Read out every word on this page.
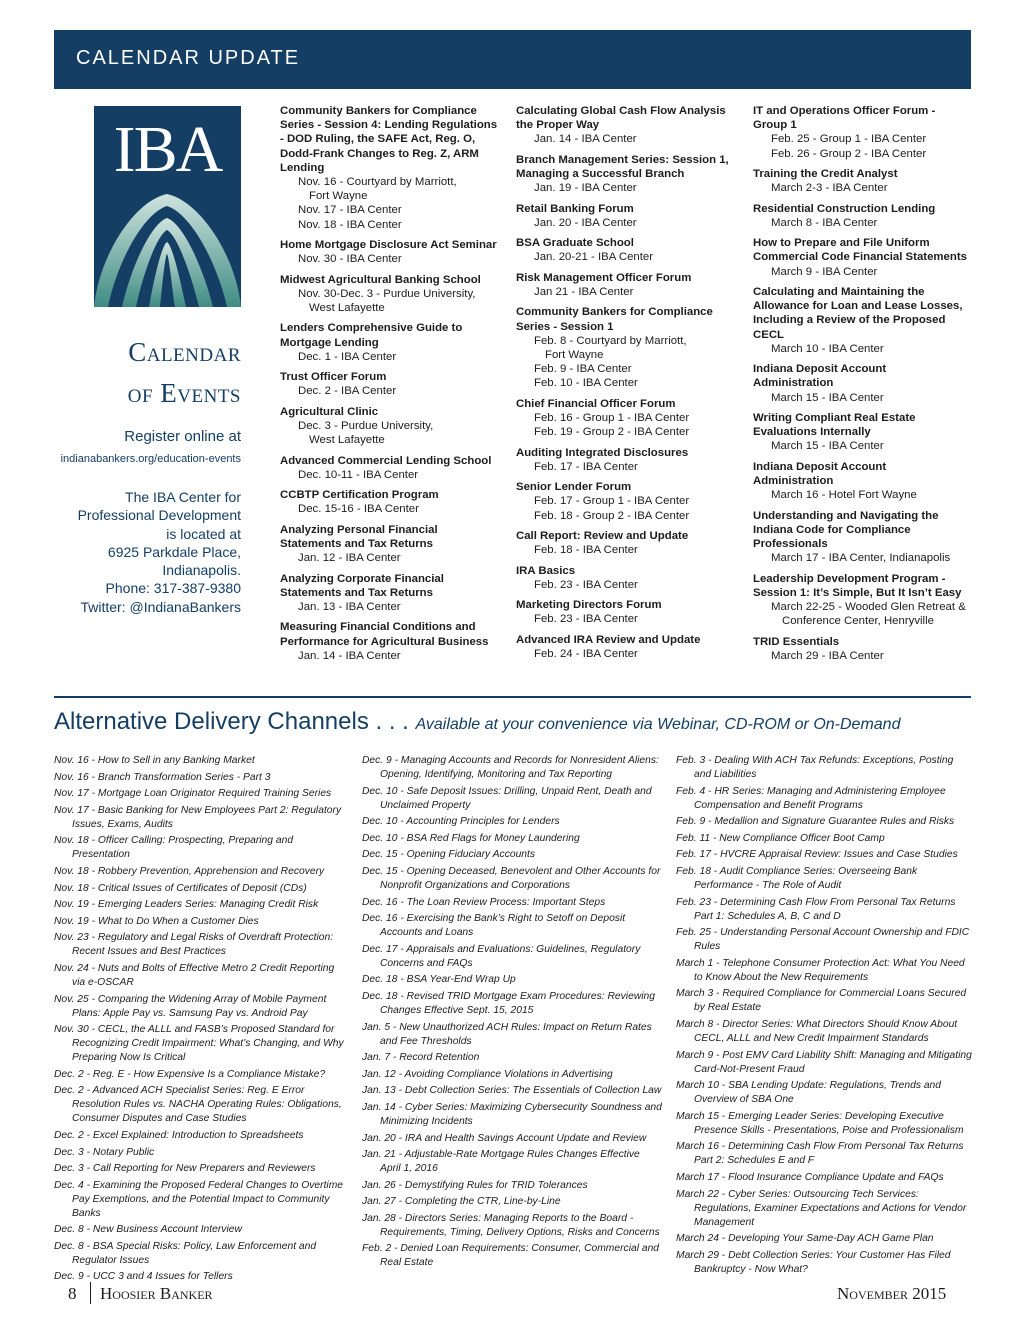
CALENDAR UPDATE
IBA
Calendar
of Events
Register online at
indianabankers.org/education-events
The IBA Center for
Professional Development
is located at
6925 Parkdale Place,
Indianapolis.
Phone: 317-387-9380
Twitter: @IndianaBankers
Community Bankers for Compliance Series - Session 4: Lending Regulations - DOD Ruling, the SAFE Act, Reg. O, Dodd-Frank Changes to Reg. Z, ARM Lending
Nov. 16 - Courtyard by Marriott,
Fort Wayne
Nov. 17 - IBA Center
Nov. 18 - IBA Center
Home Mortgage Disclosure Act Seminar
Nov. 30 - IBA Center
Midwest Agricultural Banking School
Nov. 30-Dec. 3 - Purdue University,
West Lafayette
Lenders Comprehensive Guide to Mortgage Lending
Dec. 1 - IBA Center
Trust Officer Forum
Dec. 2 - IBA Center
Agricultural Clinic
Dec. 3 - Purdue University,
West Lafayette
Advanced Commercial Lending School
Dec. 10-11 - IBA Center
CCBTP Certification Program
Dec. 15-16 - IBA Center
Analyzing Personal Financial Statements and Tax Returns
Jan. 12 - IBA Center
Analyzing Corporate Financial Statements and Tax Returns
Jan. 13 - IBA Center
Measuring Financial Conditions and Performance for Agricultural Business
Jan. 14 - IBA Center
Calculating Global Cash Flow Analysis the Proper Way
Jan. 14 - IBA Center
Branch Management Series: Session 1, Managing a Successful Branch
Jan. 19 - IBA Center
Retail Banking Forum
Jan. 20 - IBA Center
BSA Graduate School
Jan. 20-21 - IBA Center
Risk Management Officer Forum
Jan 21 - IBA Center
Community Bankers for Compliance Series - Session 1
Feb. 8 - Courtyard by Marriott,
Fort Wayne
Feb. 9 - IBA Center
Feb. 10 - IBA Center
Chief Financial Officer Forum
Feb. 16 - Group 1 - IBA Center
Feb. 19 - Group 2 - IBA Center
Auditing Integrated Disclosures
Feb. 17 - IBA Center
Senior Lender Forum
Feb. 17 - Group 1 - IBA Center
Feb. 18 - Group 2 - IBA Center
Call Report: Review and Update
Feb. 18 - IBA Center
IRA Basics
Feb. 23 - IBA Center
Marketing Directors Forum
Feb. 23 - IBA Center
Advanced IRA Review and Update
Feb. 24 - IBA Center
IT and Operations Officer Forum - Group 1
Feb. 25 - Group 1 - IBA Center
Feb. 26 - Group 2 - IBA Center
Training the Credit Analyst
March 2-3 - IBA Center
Residential Construction Lending
March 8 - IBA Center
How to Prepare and File Uniform Commercial Code Financial Statements
March 9 - IBA Center
Calculating and Maintaining the Allowance for Loan and Lease Losses, Including a Review of the Proposed CECL
March 10 - IBA Center
Indiana Deposit Account Administration
March 15 - IBA Center
Writing Compliant Real Estate Evaluations Internally
March 15 - IBA Center
Indiana Deposit Account Administration
March 16 - Hotel Fort Wayne
Understanding and Navigating the Indiana Code for Compliance Professionals
March 17 - IBA Center, Indianapolis
Leadership Development Program - Session 1: It’s Simple, But It Isn’t Easy
March 22-25 - Wooded Glen Retreat &
Conference Center, Henryville
TRID Essentials
March 29 - IBA Center
Alternative Delivery Channels . . . Available at your convenience via Webinar, CD-ROM or On-Demand
Nov. 16 - How to Sell in any Banking Market
Nov. 16 - Branch Transformation Series - Part 3
Nov. 17 - Mortgage Loan Originator Required Training Series
Nov. 17 - Basic Banking for New Employees Part 2: Regulatory Issues, Exams, Audits
Nov. 18 - Officer Calling: Prospecting, Preparing and Presentation
Nov. 18 - Robbery Prevention, Apprehension and Recovery
Nov. 18 - Critical Issues of Certificates of Deposit (CDs)
Nov. 19 - Emerging Leaders Series: Managing Credit Risk
Nov. 19 - What to Do When a Customer Dies
Nov. 23 - Regulatory and Legal Risks of Overdraft Protection: Recent Issues and Best Practices
Nov. 24 - Nuts and Bolts of Effective Metro 2 Credit Reporting via e-OSCAR
Nov. 25 - Comparing the Widening Array of Mobile Payment Plans: Apple Pay vs. Samsung Pay vs. Android Pay
Nov. 30 - CECL, the ALLL and FASB’s Proposed Standard for Recognizing Credit Impairment: What’s Changing, and Why Preparing Now Is Critical
Dec. 2 - Reg. E - How Expensive Is a Compliance Mistake?
Dec. 2 - Advanced ACH Specialist Series: Reg. E Error Resolution Rules vs. NACHA Operating Rules: Obligations, Consumer Disputes and Case Studies
Dec. 2 - Excel Explained: Introduction to Spreadsheets
Dec. 3 - Notary Public
Dec. 3 - Call Reporting for New Preparers and Reviewers
Dec. 4 - Examining the Proposed Federal Changes to Overtime Pay Exemptions, and the Potential Impact to Community Banks
Dec. 8 - New Business Account Interview
Dec. 8 - BSA Special Risks: Policy, Law Enforcement and Regulator Issues
Dec. 9 - UCC 3 and 4 Issues for Tellers
Dec. 9 - Managing Accounts and Records for Nonresident Aliens: Opening, Identifying, Monitoring and Tax Reporting
Dec. 10 - Safe Deposit Issues: Drilling, Unpaid Rent, Death and Unclaimed Property
Dec. 10 - Accounting Principles for Lenders
Dec. 10 - BSA Red Flags for Money Laundering
Dec. 15 - Opening Fiduciary Accounts
Dec. 15 - Opening Deceased, Benevolent and Other Accounts for Nonprofit Organizations and Corporations
Dec. 16 - The Loan Review Process: Important Steps
Dec. 16 - Exercising the Bank’s Right to Setoff on Deposit Accounts and Loans
Dec. 17 - Appraisals and Evaluations: Guidelines, Regulatory Concerns and FAQs
Dec. 18 - BSA Year-End Wrap Up
Dec. 18 - Revised TRID Mortgage Exam Procedures: Reviewing Changes Effective Sept. 15, 2015
Jan. 5 - New Unauthorized ACH Rules: Impact on Return Rates and Fee Thresholds
Jan. 7 - Record Retention
Jan. 12 - Avoiding Compliance Violations in Advertising
Jan. 13 - Debt Collection Series: The Essentials of Collection Law
Jan. 14 - Cyber Series: Maximizing Cybersecurity Soundness and Minimizing Incidents
Jan. 20 - IRA and Health Savings Account Update and Review
Jan. 21 - Adjustable-Rate Mortgage Rules Changes Effective April 1, 2016
Jan. 26 - Demystifying Rules for TRID Tolerances
Jan. 27 - Completing the CTR, Line-by-Line
Jan. 28 - Directors Series: Managing Reports to the Board - Requirements, Timing, Delivery Options, Risks and Concerns
Feb. 2 - Denied Loan Requirements: Consumer, Commercial and Real Estate
Feb. 3 - Dealing With ACH Tax Refunds: Exceptions, Posting and Liabilities
Feb. 4 - HR Series: Managing and Administering Employee Compensation and Benefit Programs
Feb. 9 - Medallion and Signature Guarantee Rules and Risks
Feb. 11 - New Compliance Officer Boot Camp
Feb. 17 - HVCRE Appraisal Review: Issues and Case Studies
Feb. 18 - Audit Compliance Series: Overseeing Bank Performance - The Role of Audit
Feb. 23 - Determining Cash Flow From Personal Tax Returns Part 1: Schedules A, B, C and D
Feb. 25 - Understanding Personal Account Ownership and FDIC Rules
March 1 - Telephone Consumer Protection Act: What You Need to Know About the New Requirements
March 3 - Required Compliance for Commercial Loans Secured by Real Estate
March 8 - Director Series: What Directors Should Know About CECL, ALLL and New Credit Impairment Standards
March 9 - Post EMV Card Liability Shift: Managing and Mitigating Card-Not-Present Fraud
March 10 - SBA Lending Update: Regulations, Trends and Overview of SBA One
March 15 - Emerging Leader Series: Developing Executive Presence Skills - Presentations, Poise and Professionalism
March 16 - Determining Cash Flow From Personal Tax Returns Part 2: Schedules E and F
March 17 - Flood Insurance Compliance Update and FAQs
March 22 - Cyber Series: Outsourcing Tech Services: Regulations, Examiner Expectations and Actions for Vendor Management
March 24 - Developing Your Same-Day ACH Game Plan
March 29 - Debt Collection Series: Your Customer Has Filed Bankruptcy - Now What?
8 Hoosier Banker	November 2015
